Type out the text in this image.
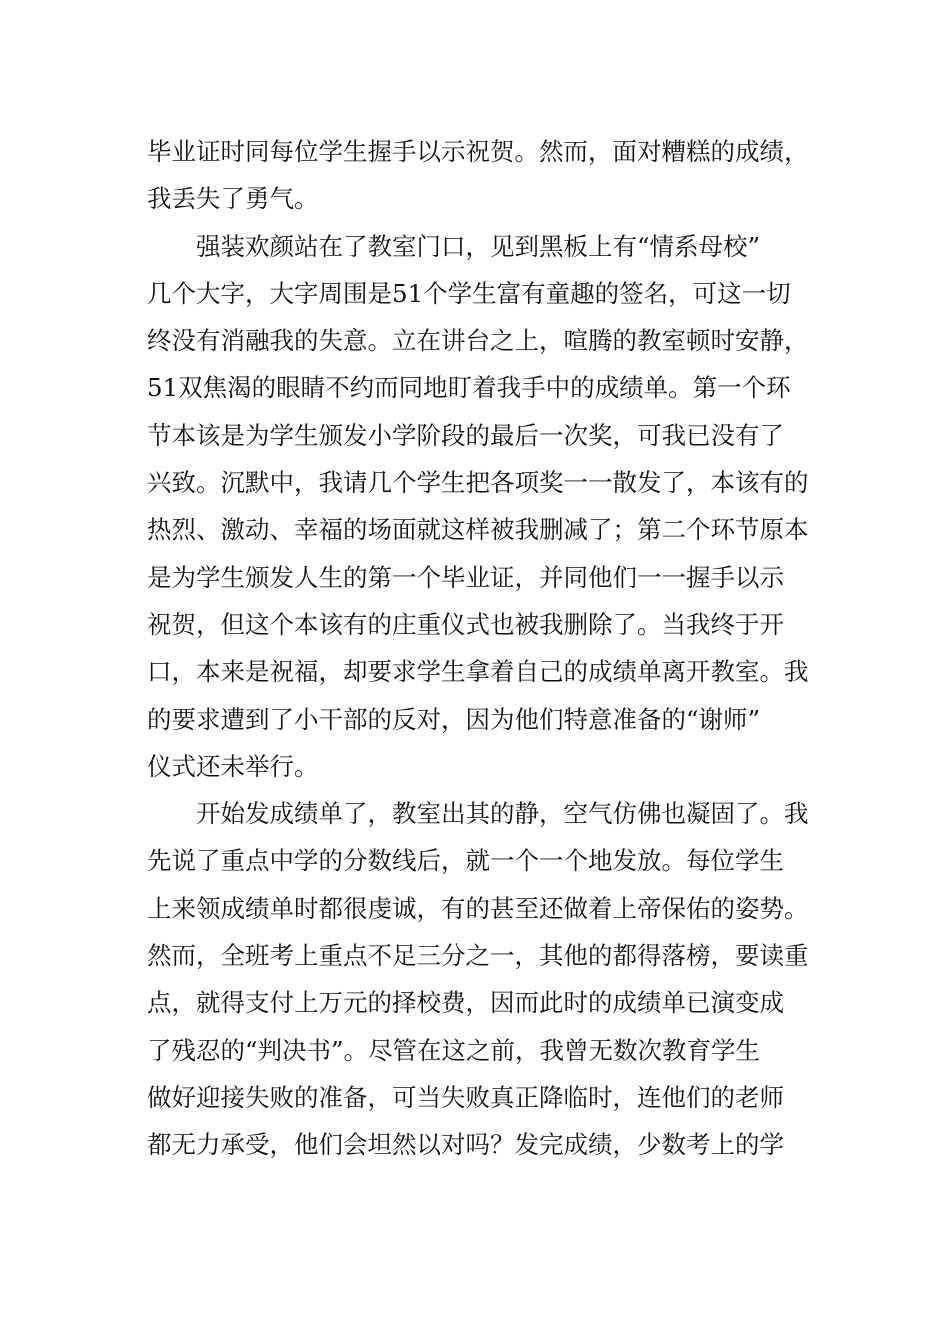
毕业证时同每位学生握手以示祝贺。然而，面对糟糕的成绩，
我丢失了勇气。
强装欢颜站在了教室门口，见到黑板上有“情系母校”
几个大字，大字周围是51个学生富有童趣的签名，可这一切
终没有消融我的失意。立在讲台之上，喧腾的教室顿时安静，
51双焦渴的眼睛不约而同地盯着我手中的成绩单。第一个环
节本该是为学生颁发小学阶段的最后一次奖，可我已没有了
兴致。沉默中，我请几个学生把各项奖一一散发了，本该有的
热烈、激动、幸福的场面就这样被我删减了；第二个环节原本
是为学生颁发人生的第一个毕业证，并同他们一一握手以示
祝贺，但这个本该有的庄重仪式也被我删除了。当我终于开
口，本来是祝福，却要求学生拿着自己的成绩单离开教室。我
的要求遭到了小干部的反对，因为他们特意准备的“谢师”
仪式还未举行。
开始发成绩单了，教室出其的静，空气仿佛也凝固了。我
先说了重点中学的分数线后，就一个一个地发放。每位学生
上来领成绩单时都很虔诚，有的甚至还做着上帝保佑的姿势。
然而，全班考上重点不足三分之一，其他的都得落榜，要读重
点，就得支付上万元的择校费，因而此时的成绩单已演变成
了残忍的“判决书”。尽管在这之前，我曾无数次教育学生
做好迎接失败的准备，可当失败真正降临时，连他们的老师
都无力承受，他们会坦然以对吗？发完成绩，少数考上的学
